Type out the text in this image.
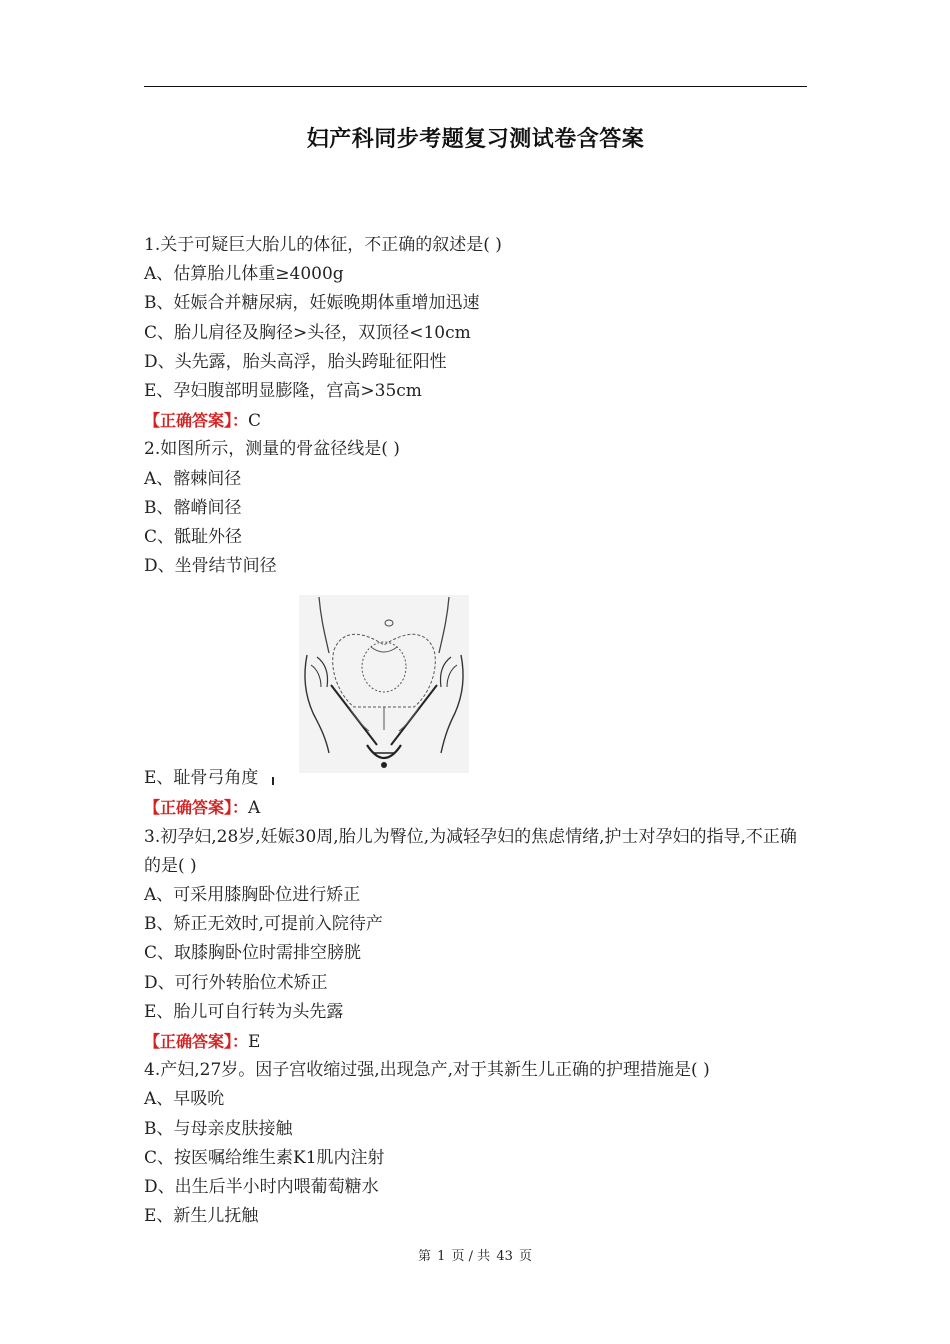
妇产科同步考题复习测试卷含答案
1.关于可疑巨大胎儿的体征，不正确的叙述是( )
A、估算胎儿体重≥4000g
B、妊娠合并糖尿病，妊娠晚期体重增加迅速
C、胎儿肩径及胸径>头径，双顶径<10cm
D、头先露，胎头高浮，胎头跨耻征阳性
E、孕妇腹部明显膨隆，宫高>35cm
【正确答案】：C
2.如图所示，测量的骨盆径线是( )
A、髂棘间径
B、髂嵴间径
C、骶耻外径
D、坐骨结节间径
E、耻骨弓角度
【正确答案】：A
3.初孕妇,28岁,妊娠30周,胎儿为臀位,为减轻孕妇的焦虑情绪,护士对孕妇的指导,不正确的是( )
A、可采用膝胸卧位进行矫正
B、矫正无效时,可提前入院待产
C、取膝胸卧位时需排空膀胱
D、可行外转胎位术矫正
E、胎儿可自行转为头先露
【正确答案】：E
4.产妇,27岁。因子宫收缩过强,出现急产,对于其新生儿正确的护理措施是( )
A、早吸吮
B、与母亲皮肤接触
C、按医嘱给维生素K1肌内注射
D、出生后半小时内喂葡萄糖水
E、新生儿抚触
第 1 页 / 共 43 页
